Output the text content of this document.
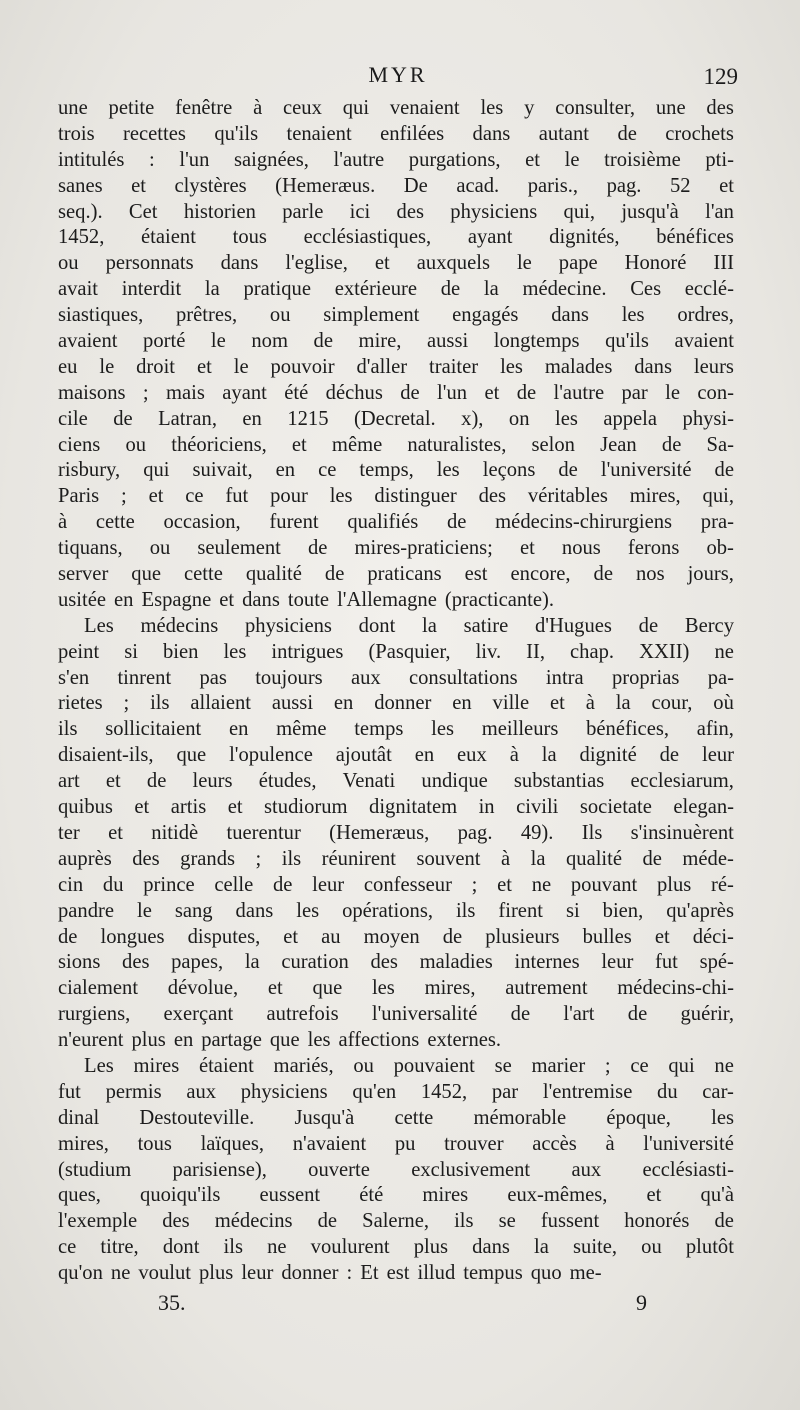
MYR	129
une petite fenêtre à ceux qui venaient les y consulter, une des
trois recettes qu'ils tenaient enfilées dans autant de crochets
intitulés : l'un saignées, l'autre purgations, et le troisième pti-
sanes et clystères (Hemeræus. De acad. paris., pag. 52 et
seq.). Cet historien parle ici des physiciens qui, jusqu'à l'an
1452, étaient tous ecclésiastiques, ayant dignités, bénéfices
ou personnats dans l'eglise, et auxquels le pape Honoré III
avait interdit la pratique extérieure de la médecine. Ces ecclé-
siastiques, prêtres, ou simplement engagés dans les ordres,
avaient porté le nom de mire, aussi longtemps qu'ils avaient
eu le droit et le pouvoir d'aller traiter les malades dans leurs
maisons ; mais ayant été déchus de l'un et de l'autre par le con-
cile de Latran, en 1215 (Decretal. x), on les appela physi-
ciens ou théoriciens, et même naturalistes, selon Jean de Sa-
risbury, qui suivait, en ce temps, les leçons de l'université de
Paris ; et ce fut pour les distinguer des véritables mires, qui,
à cette occasion, furent qualifiés de médecins-chirurgiens pra-
tiquans, ou seulement de mires-praticiens; et nous ferons ob-
server que cette qualité de praticans est encore, de nos jours,
usitée en Espagne et dans toute l'Allemagne (practicante).
Les médecins physiciens dont la satire d'Hugues de Bercy
peint si bien les intrigues (Pasquier, liv. II, chap. XXII) ne
s'en tinrent pas toujours aux consultations intra proprias pa-
rietes ; ils allaient aussi en donner en ville et à la cour, où
ils sollicitaient en même temps les meilleurs bénéfices, afin,
disaient-ils, que l'opulence ajoutât en eux à la dignité de leur
art et de leurs études, Venati undique substantias ecclesiarum,
quibus et artis et studiorum dignitatem in civili societate elegan-
ter et nitidè tuerentur (Hemeræus, pag. 49). Ils s'insinuèrent
auprès des grands ; ils réunirent souvent à la qualité de méde-
cin du prince celle de leur confesseur ; et ne pouvant plus ré-
pandre le sang dans les opérations, ils firent si bien, qu'après
de longues disputes, et au moyen de plusieurs bulles et déci-
sions des papes, la curation des maladies internes leur fut spé-
cialement dévolue, et que les mires, autrement médecins-chi-
rurgiens, exerçant autrefois l'universalité de l'art de guérir,
n'eurent plus en partage que les affections externes.
Les mires étaient mariés, ou pouvaient se marier ; ce qui ne
fut permis aux physiciens qu'en 1452, par l'entremise du car-
dinal Destouteville. Jusqu'à cette mémorable époque, les
mires, tous laïques, n'avaient pu trouver accès à l'université
(studium parisiense), ouverte exclusivement aux ecclésiasti-
ques, quoiqu'ils eussent été mires eux-mêmes, et qu'à
l'exemple des médecins de Salerne, ils se fussent honorés de
ce titre, dont ils ne voulurent plus dans la suite, ou plutôt
qu'on ne voulut plus leur donner : Et est illud tempus quo me-
35.	9
